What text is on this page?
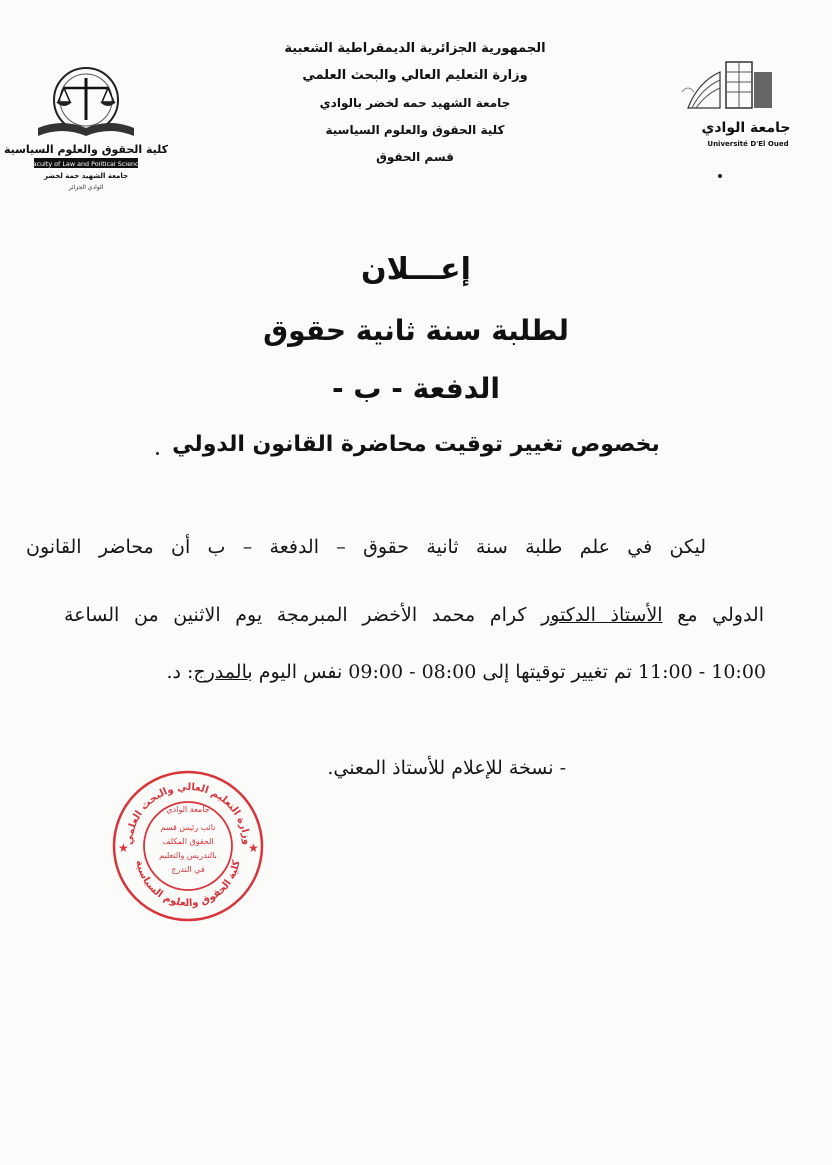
كلية الحقوق والعلوم السياسية
Faculty of Law and Political Science
جامعة الشهيد حمة لخضر
الوادي الجزائر
الجمهورية الجزائرية الديمقراطية الشعبية
وزارة التعليم العالي والبحث العلمي
جامعة الشهيد حمه لخضر بالوادي
كلية الحقوق والعلوم السياسية
قسم الحقوق
جامعة الوادي
Université D'El Oued
إعـــلان
لطلبة سنة ثانية حقوق
الدفعة - ب -
بخصوص تغيير توقيت محاضرة القانون الدولي
ليكن في علم طلبة سنة ثانية حقوق – الدفعة – ب أن محاضر القانون
الدولي مع الأستاذ الدكتور كرام محمد الأخضر المبرمجة يوم الاثنين من الساعة
10:00 - 11:00 تم تغيير توقيتها إلى 08:00 - 09:00 نفس اليوم بالمدرج: د.
- نسخة للإعلام للأستاذ المعني.
وزارة التعليم العالي والبحث العلمي
كلية الحقوق والعلوم السياسية
جامعة الوادي
نائب رئيس قسم
الحقوق المكلف
بالتدريس والتعليم
في التدرج
★	★
